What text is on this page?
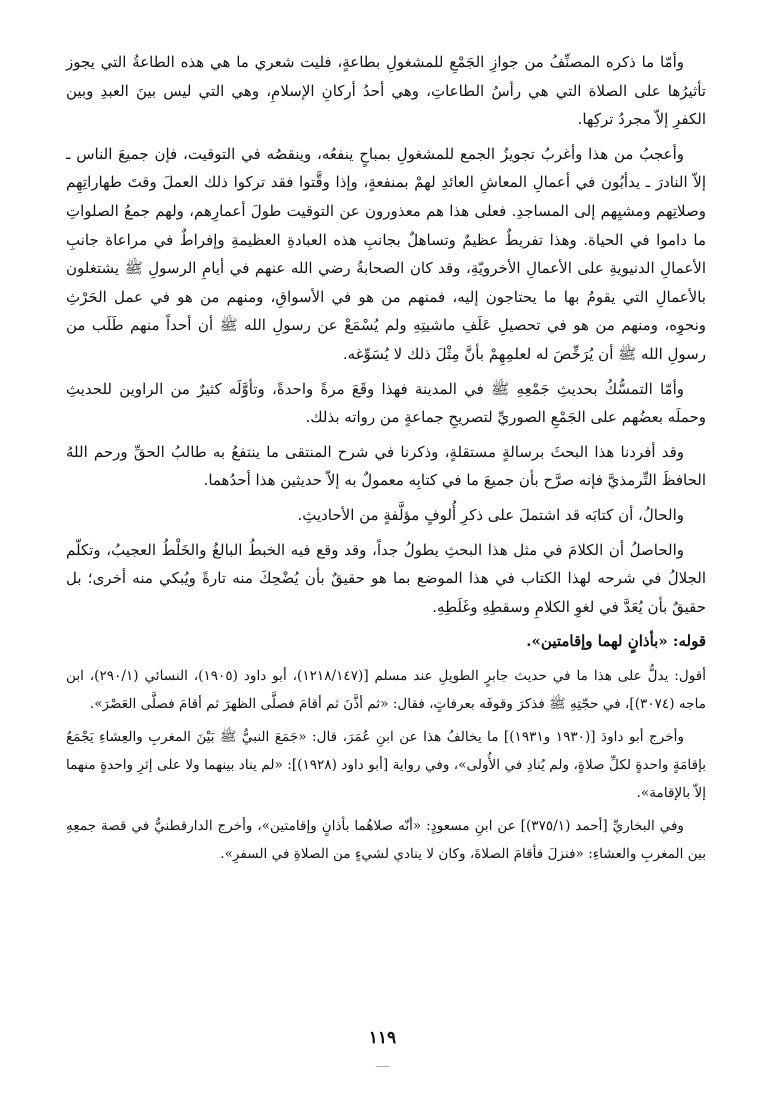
وأمّا ما ذكره المصنِّفُ من جوازِ الجَمْعِ للمشغولِ بطاعةٍ، فليت شعري ما هي هذه الطاعةُ التي يجوز تأثيرُها على الصلاة التي هي رأسُ الطاعاتِ، وهي أحدُ أركانِ الإسلامِ، وهي التي ليس بينَ العبدِ وبين الكفرِ إلاّ مجردُ تركِها.

وأعجبُ من هذا وأغربُ تجويزُ الجمع للمشغولِ بمباحٍ ينفعُه، وينقصُه في التوقيت، فإن جميعَ الناس ـ إلاّ النادرَ ـ يدأبُون في أعمالِ المعاشِ العائدِ لهمْ بمنفعةٍ، وإذا وقَّتوا فقد تركوا ذلك العملَ وقتَ طهاراتِهِم وصلاتِهم ومشيِهم إلى المساجدِ. فعلى هذا هم معذورون عن التوقيت طولَ أعمارِهم، ولهم جمعُ الصلواتِ ما داموا في الحياة. وهذا تفريطٌ عظيمٌ وتساهلٌ بجانبِ هذه العبادةِ العظيمةِ وإفراطٌ في مراعاة جانبِ الأعمالِ الدنيويةِ على الأعمالِ الأخرويّةِ، وقد كان الصحابةُ رضي الله عنهم في أيامِ الرسولِ ﷺ يشتغلون بالأعمالِ التي يقومُ بها ما يحتاجون إليه، فمنهم من هو في الأسواقِ، ومنهم من هو في عمل الحَرْثِ ونحوِه، ومنهم من هو في تحصيلِ عَلَفِ ماشيتِهِ ولم يُسْمَعْ عن رسولِ الله ﷺ أن أحداً منهم طَلَب من رسولِ الله ﷺ أن يُرَخِّصَ له لعلمِهِمْ بأنَّ مِثْلَ ذلك لا يُسَوِّغه.

وأمّا التمسُّكُ بحديثِ جَمْعِهِ ﷺ في المدينة فهذا وقَعَ مرةً واحدةً، وتأوَّلَه كثيرٌ من الراوين للحديثِ وحملَه بعضُهم على الجَمْعِ الصوريِّ لتصريحِ جماعةٍ من رواته بذلك.

وقد أفردنا هذا البحثَ برسالةٍ مستقلةٍ، وذكرنا في شرح المنتقى ما ينتفعُ به طالبُ الحقِّ ورحم اللهُ الحافظَ التِّرمذيَّ فإنه صرَّح بأن جميعَ ما في كتابِه معمولٌ به إلاّ حديثين هذا أحدُهما.

والحالُ، أن كتابَه قد اشتملَ على ذكرِ أُلوفٍ مؤلَّفةٍ من الأحاديثِ.

والحاصلُ أن الكلامَ في مثل هذا البحثِ يطولُ جداً، وقد وقع فيه الخبطُ البالغُ والخَلْطُ العجيبُ، وتكلّم الجلالُ في شرحه لهذا الكتاب في هذا الموضع بما هو حقيقٌ بأن يُضْحِكَ منه تارةً ويُبكي منه أخرى؛ بل حقيقٌ بأن يُعَدَّ في لغوِ الكلامِ وسقطِهِ وغَلَطِهِ.

قوله: «بأذانٍ لهما وإقامتين».

أقول: يدلُّ على هذا ما في حديث جابرٍ الطويلِ عند مسلم [(١٢١٨/١٤٧)، أبو داود (١٩٠٥)، النسائي (٢٩٠/١)، ابن ماجه (٣٠٧٤)]، في حجّتِهِ ﷺ فذكرَ وقوفَه بعرفاتٍ، فقال: «ثم أذَّنَ ثم أقامَ فصلَّى الظهرَ ثم أقامَ فصلَّى العَصْرَ».

وأخرج أبو داودَ [(١٩٣٠ و١٩٣١)] ما يخالفُ هذا عن ابنِ عُمَرَ، قال: «جَمَعَ النبيُّ ﷺ بَيْنَ المغربِ والعِشاءِ يَجْمَعُ بإقامَةٍ واحدةٍ لكلِّ صلاةٍ، ولم يُنادِ في الأُولى»، وفي رواية [أبو داود (١٩٢٨)]: «لم يناد بينهما ولا على إثرِ واحدةٍ منهما إلاّ بالإقامة».

وفي البخاريِّ [أحمد (٣٧٥/١)] عن ابنِ مسعودٍ: «أنّه صلاهُما بأذانٍ وإقامتين»، وأخرج الدارقطنيُّ في قصة جمعِهِ بين المغربِ والعشاءِ: «فنزلَ فأقامَ الصلاةَ، وكان لا ينادي لشيءٍ من الصلاةِ في السفرِ».

١١٩
ـــــ
